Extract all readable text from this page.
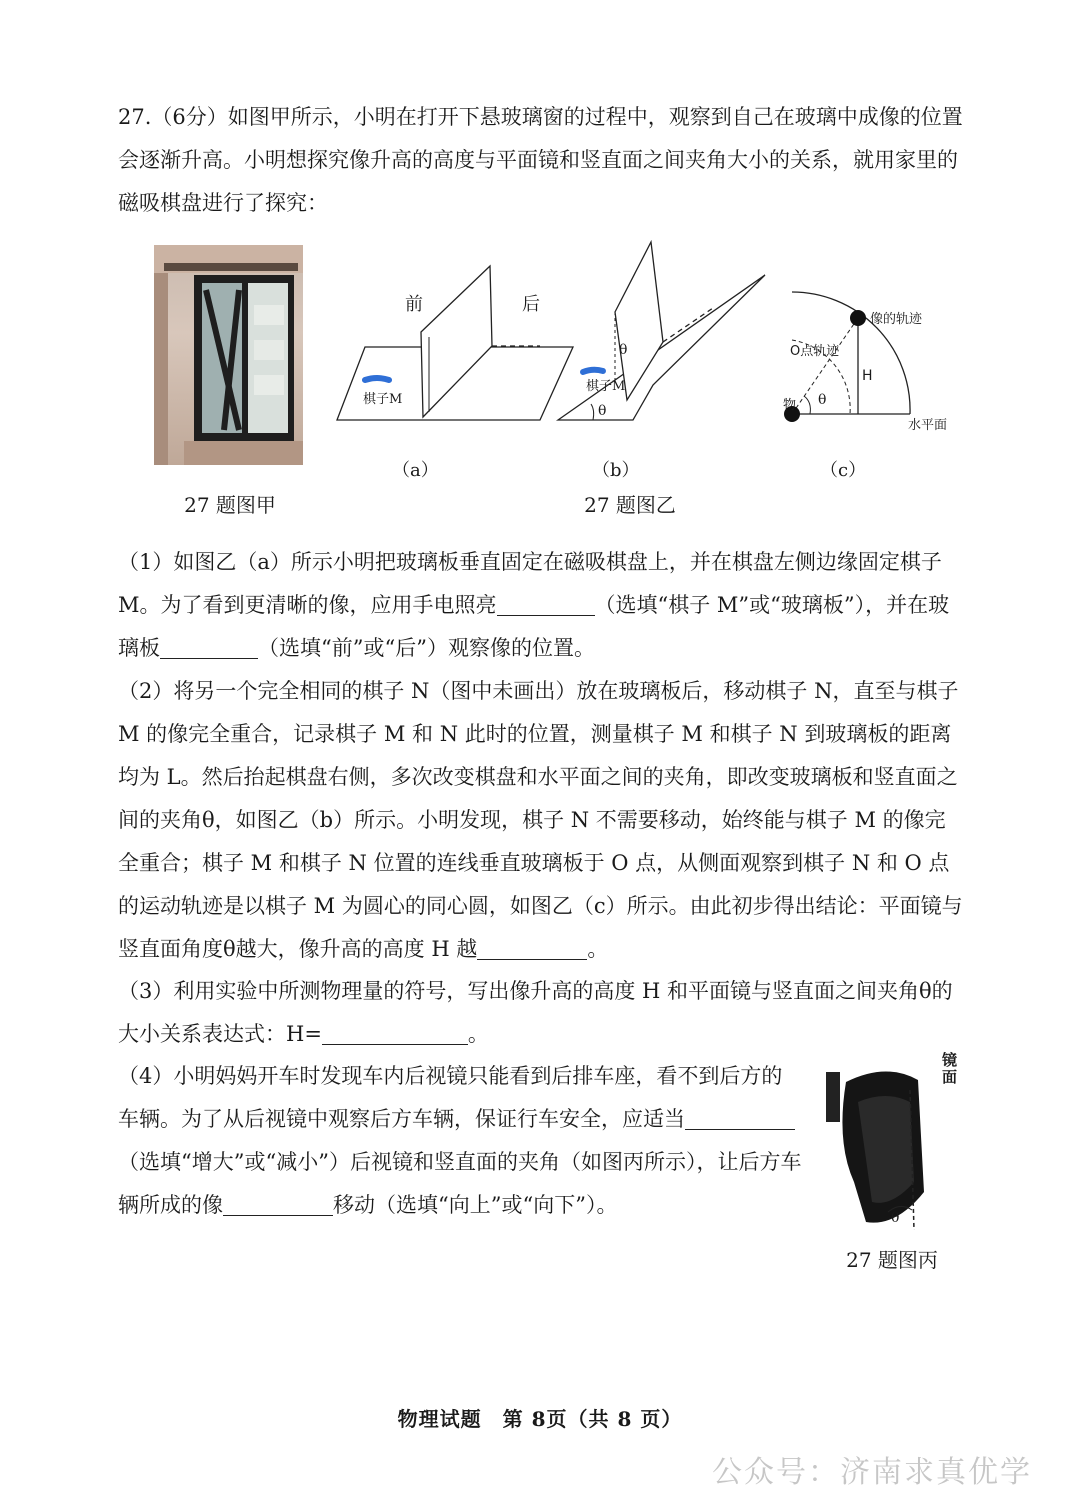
27.（6分）如图甲所示，小明在打开下悬玻璃窗的过程中，观察到自己在玻璃中成像的位置会逐渐升高。小明想探究像升高的高度与平面镜和竖直面之间夹角大小的关系，就用家里的磁吸棋盘进行了探究：
27 题图甲
前	后
棋子M
（a）
θ
θ
棋子M
（b）
像的轨迹
O点轨迹
H
物 θ
水平面
（c）
27 题图乙
（1）如图乙（a）所示小明把玻璃板垂直固定在磁吸棋盘上，并在棋盘左侧边缘固定棋子 M。为了看到更清晰的像，应用手电照亮	（选填“棋子 M”或“玻璃板”），并在玻璃板	（选填“前”或“后”）观察像的位置。
（2）将另一个完全相同的棋子 N（图中未画出）放在玻璃板后，移动棋子 N，直至与棋子 M 的像完全重合，记录棋子 M 和 N 此时的位置，测量棋子 M 和棋子 N 到玻璃板的距离均为 L。然后抬起棋盘右侧，多次改变棋盘和水平面之间的夹角，即改变玻璃板和竖直面之间的夹角θ，如图乙（b）所示。小明发现，棋子 N 不需要移动，始终能与棋子 M 的像完全重合；棋子 M 和棋子 N 位置的连线垂直玻璃板于 O 点，从侧面观察到棋子 N 和 O 点的运动轨迹是以棋子 M 为圆心的同心圆，如图乙（c）所示。由此初步得出结论：平面镜与竖直面角度θ越大，像升高的高度 H 越	。
（3）利用实验中所测物理量的符号，写出像升高的高度 H 和平面镜与竖直面之间夹角θ的大小关系表达式：H=	。
（4）小明妈妈开车时发现车内后视镜只能看到后排车座，看不到后方的车辆。为了从后视镜中观察后方车辆，保证行车安全，应适当（选填“增大”或“减小”）后视镜和竖直面的夹角（如图丙所示），让后方车辆所成的像	移动（选填“向上”或“向下”）。
镜面
θ
27 题图丙
物理试题　第 8页（共 8 页）
公众号：济南求真优学
